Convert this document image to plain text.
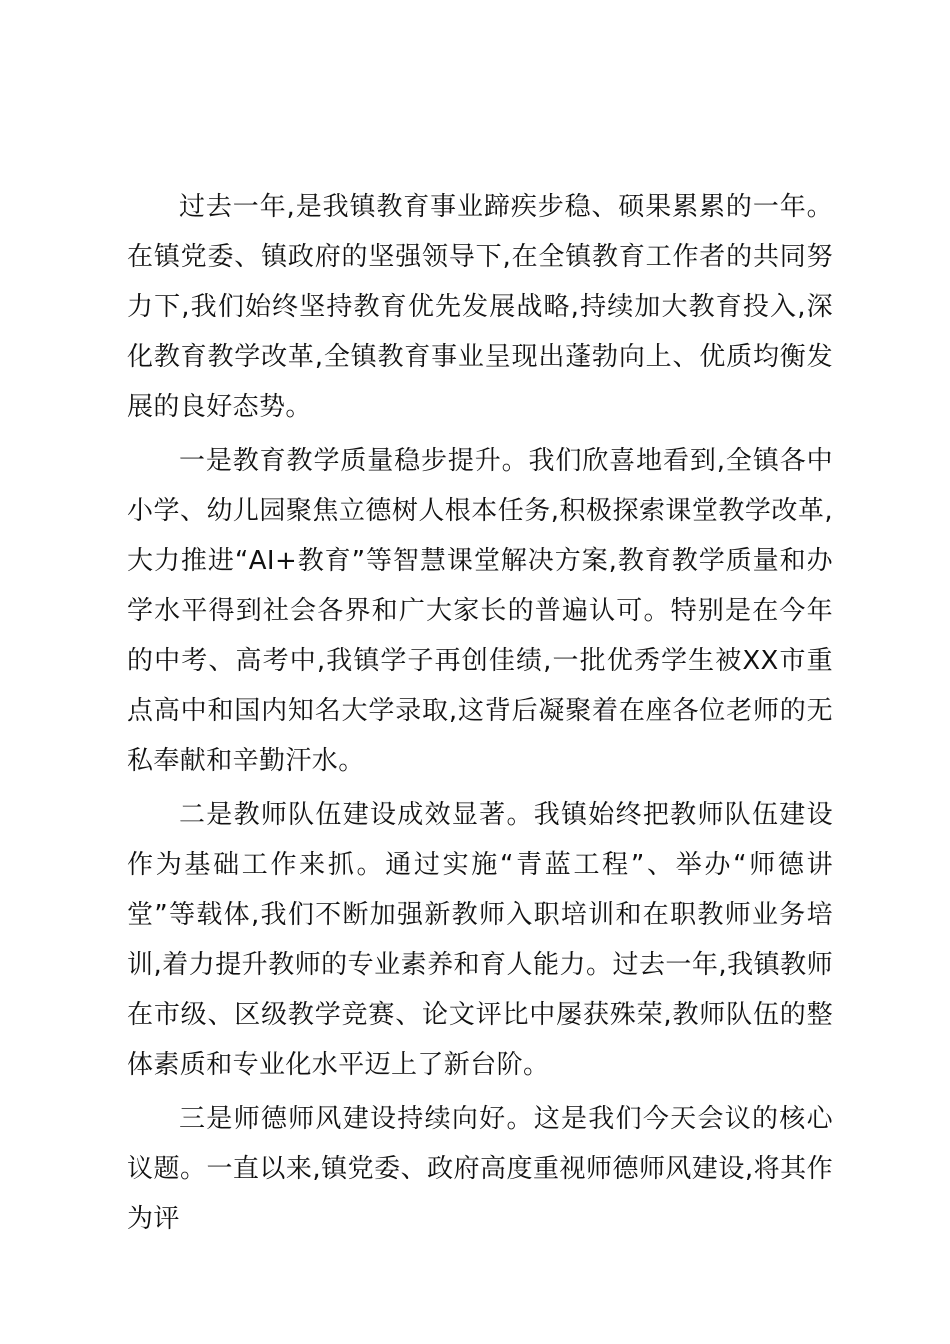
过去一年,是我镇教育事业蹄疾步稳、硕果累累的一年。在镇党委、镇政府的坚强领导下,在全镇教育工作者的共同努力下,我们始终坚持教育优先发展战略,持续加大教育投入,深化教育教学改革,全镇教育事业呈现出蓬勃向上、优质均衡发展的良好态势。

一是教育教学质量稳步提升。我们欣喜地看到,全镇各中小学、幼儿园聚焦立德树人根本任务,积极探索课堂教学改革,大力推进“AI+教育”等智慧课堂解决方案,教育教学质量和办学水平得到社会各界和广大家长的普遍认可。特别是在今年的中考、高考中,我镇学子再创佳绩,一批优秀学生被XX市重点高中和国内知名大学录取,这背后凝聚着在座各位老师的无私奉献和辛勤汗水。

二是教师队伍建设成效显著。我镇始终把教师队伍建设作为基础工作来抓。通过实施“青蓝工程”、举办“师德讲堂”等载体,我们不断加强新教师入职培训和在职教师业务培训,着力提升教师的专业素养和育人能力。过去一年,我镇教师在市级、区级教学竞赛、论文评比中屡获殊荣,教师队伍的整体素质和专业化水平迈上了新台阶。

三是师德师风建设持续向好。这是我们今天会议的核心议题。一直以来,镇党委、政府高度重视师德师风建设,将其作为评
